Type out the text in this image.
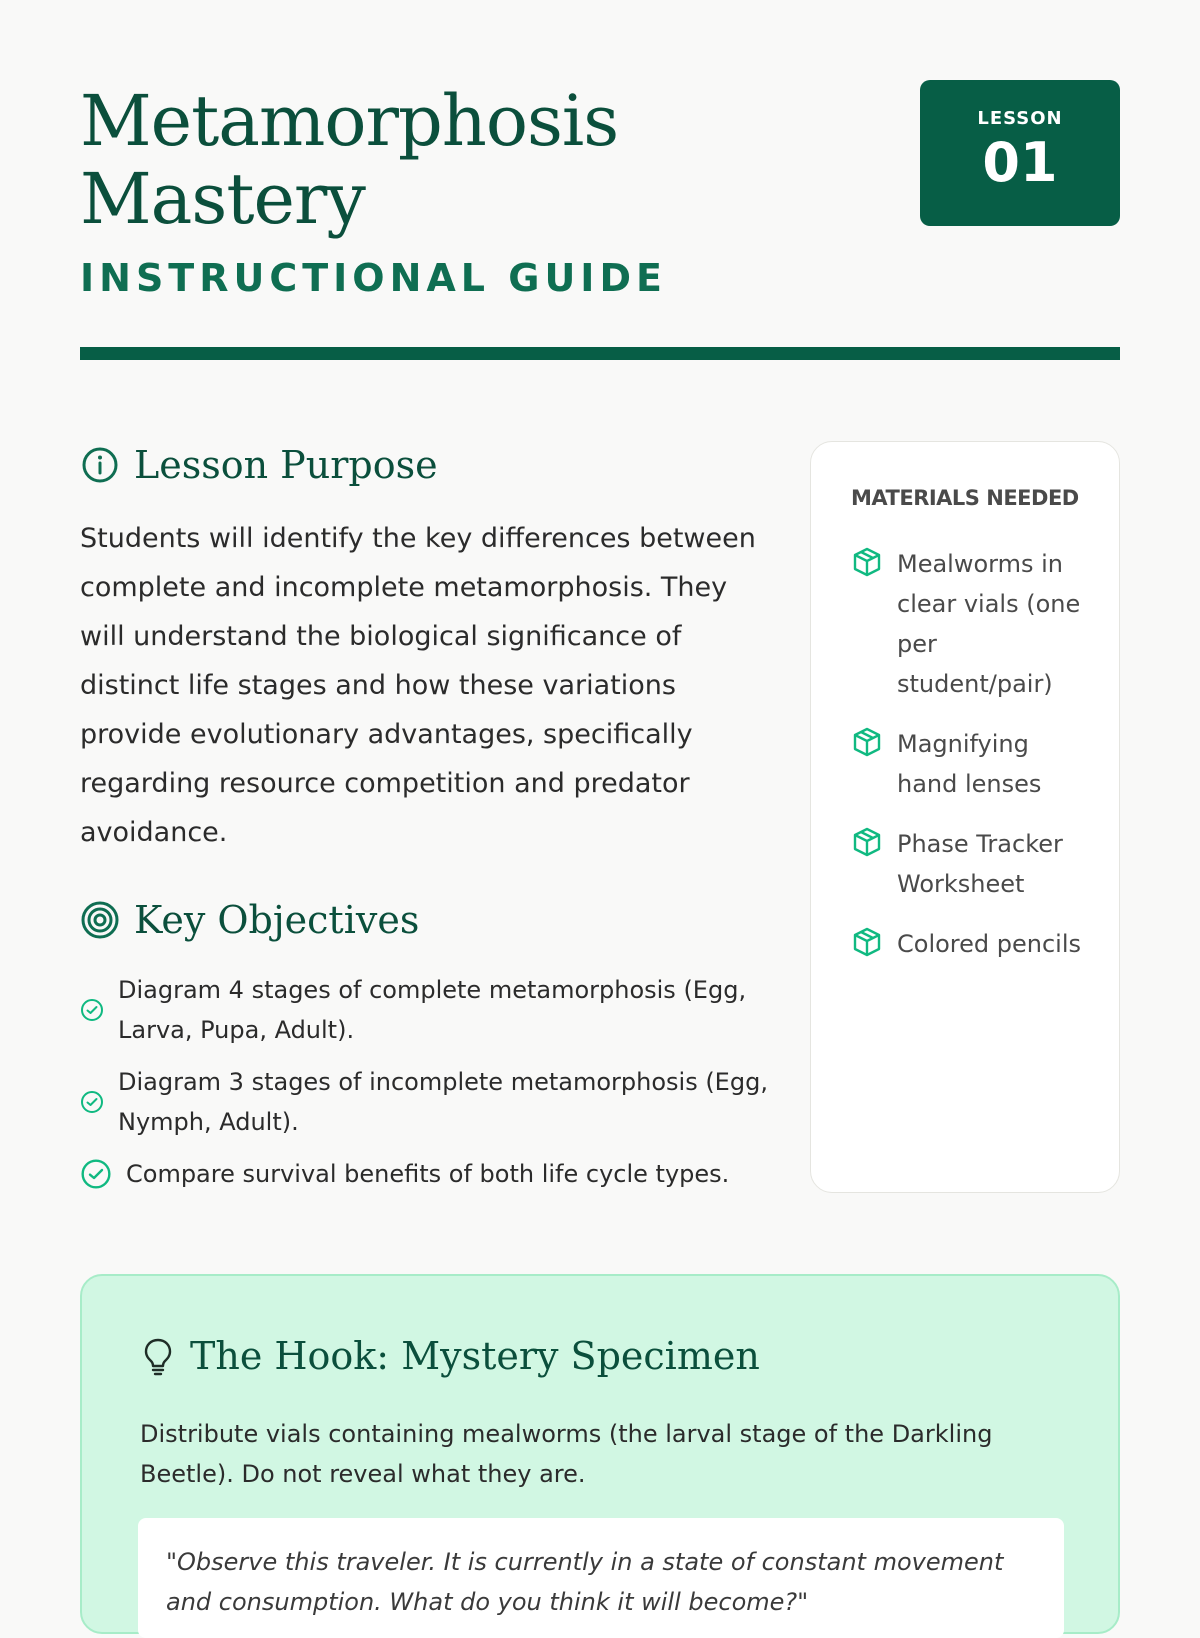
Metamorphosis
Mastery
INSTRUCTIONAL GUIDE
LESSON
01
Lesson Purpose
Students will identify the key differences between complete and incomplete metamorphosis. They will understand the biological significance of distinct life stages and how these variations provide evolutionary advantages, specifically regarding resource competition and predator avoidance.
Key Objectives
Diagram 4 stages of complete metamorphosis (Egg, Larva, Pupa, Adult).
Diagram 3 stages of incomplete metamorphosis (Egg, Nymph, Adult).
Compare survival benefits of both life cycle types.
MATERIALS NEEDED
Mealworms in clear vials (one per student/pair)
Magnifying hand lenses
Phase Tracker Worksheet
Colored pencils
The Hook: Mystery Specimen
Distribute vials containing mealworms (the larval stage of the Darkling Beetle). Do not reveal what they are.
"Observe this traveler. It is currently in a state of constant movement and consumption. What do you think it will become?"
